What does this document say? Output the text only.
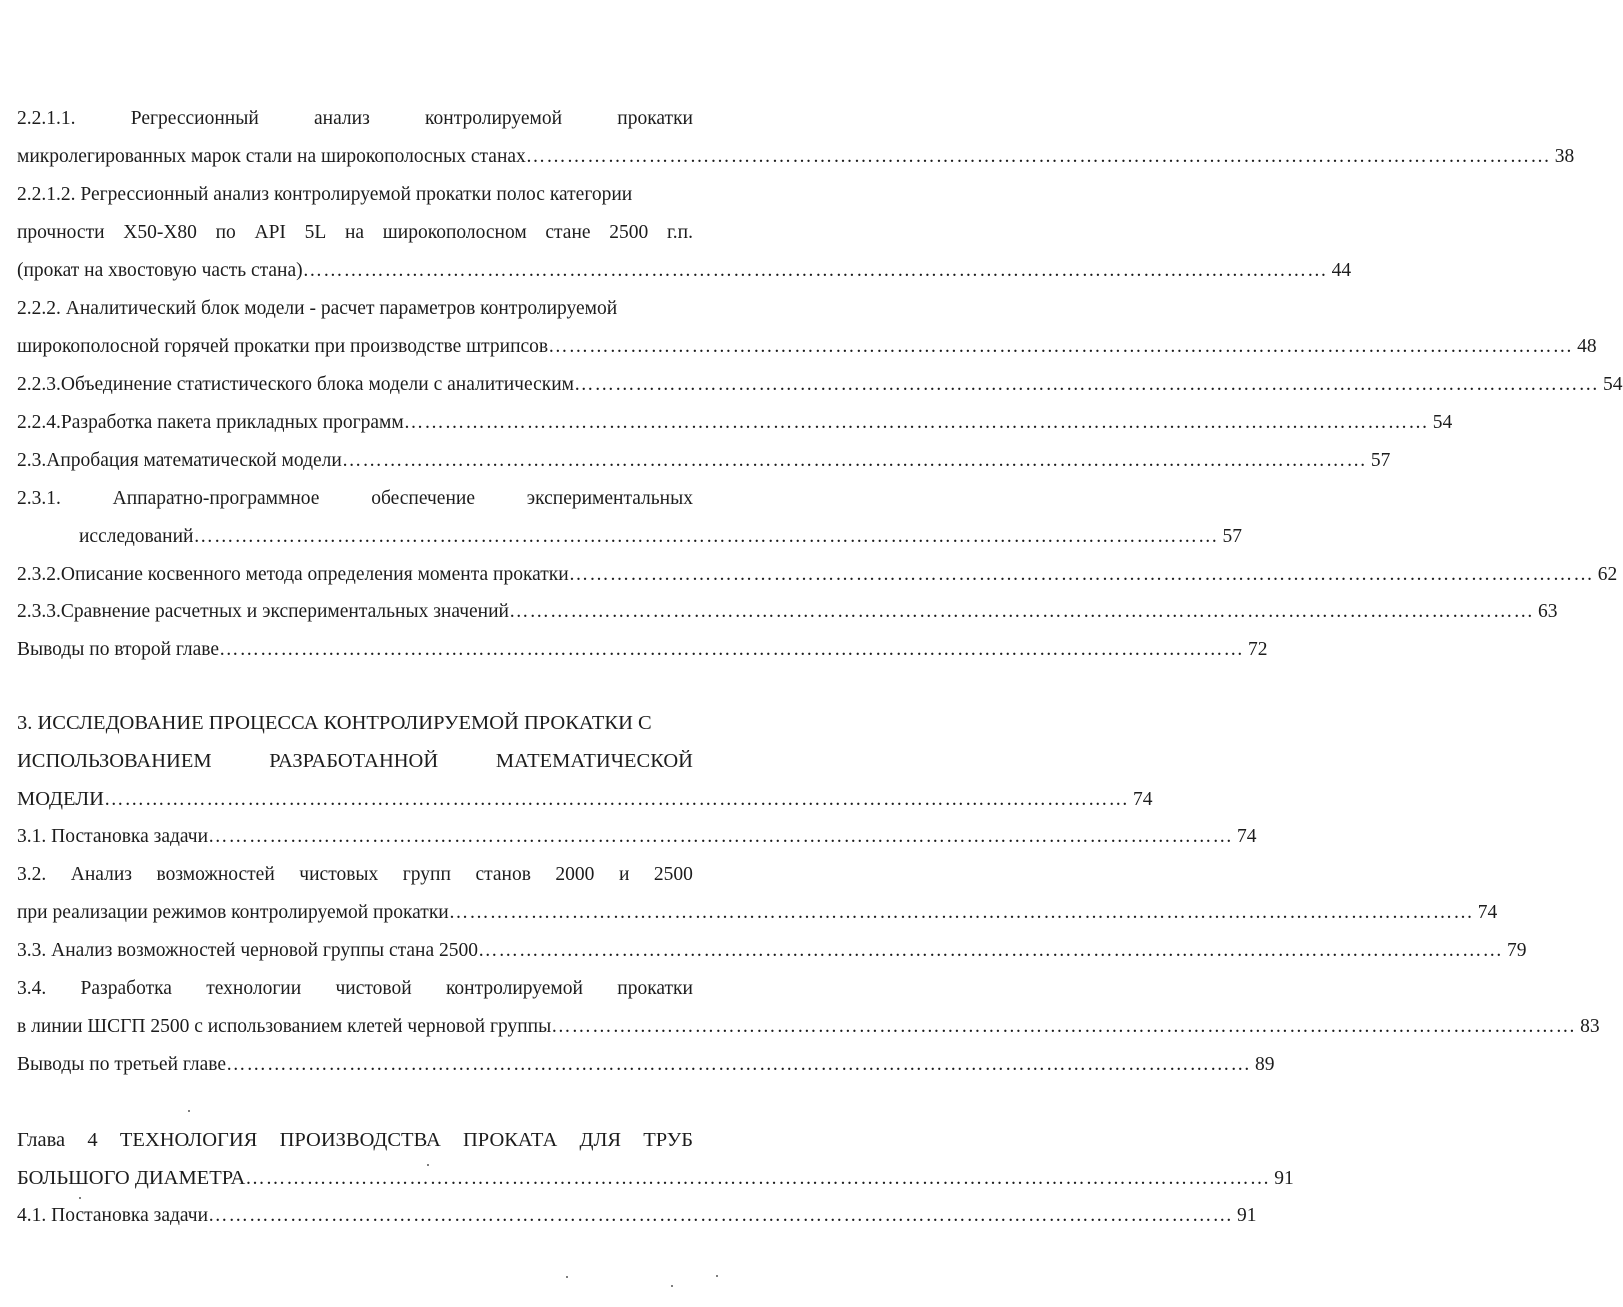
2.2.1.1.	Регрессионный	анализ	контролируемой	прокатки
микролегированных марок стали на широкополосных станах ……………………………………………………………………………………………………………………………………	38
2.2.1.2. Регрессионный анализ контролируемой прокатки полос категории
прочности Х50-Х80 по API 5L на широкополосном стане 2500 г.п.
(прокат на хвостовую часть стана) ……………………………………………………………………………………………………………………………………	44
2.2.2. Аналитический блок модели - расчет параметров контролируемой
широкополосной горячей прокатки при производстве штрипсов ……………………………………………………………………………………………………………………………………	48
2.2.3. Объединение статистического блока модели с аналитическим ……………………………………………………………………………………………………………………………………	54
2.2.4. Разработка пакета прикладных программ ……………………………………………………………………………………………………………………………………	54
2.3. Апробация математической модели ……………………………………………………………………………………………………………………………………	57
2.3.1.	Аппаратно-программное	обеспечение	экспериментальных
исследований ……………………………………………………………………………………………………………………………………	57
2.3.2. Описание косвенного метода определения момента прокатки ……………………………………………………………………………………………………………………………………	62
2.3.3. Сравнение расчетных и экспериментальных значений ……………………………………………………………………………………………………………………………………	63
Выводы по второй главе ……………………………………………………………………………………………………………………………………	72
3. ИССЛЕДОВАНИЕ ПРОЦЕССА КОНТРОЛИРУЕМОЙ ПРОКАТКИ С
ИСПОЛЬЗОВАНИЕМ	РАЗРАБОТАННОЙ	МАТЕМАТИЧЕСКОЙ
МОДЕЛИ ……………………………………………………………………………………………………………………………………	74
3.1. Постановка задачи ……………………………………………………………………………………………………………………………………	74
3.2. Анализ возможностей чистовых групп станов 2000 и 2500
при реализации режимов контролируемой прокатки ……………………………………………………………………………………………………………………………………	74
3.3. Анализ возможностей черновой группы стана 2500 ……………………………………………………………………………………………………………………………………	79
3.4. Разработка технологии чистовой контролируемой прокатки
в линии ШСГП 2500 с использованием клетей черновой группы ……………………………………………………………………………………………………………………………………	83
Выводы по третьей главе ……………………………………………………………………………………………………………………………………	89
Глава 4 ТЕХНОЛОГИЯ ПРОИЗВОДСТВА ПРОКАТА ДЛЯ ТРУБ
БОЛЬШОГО ДИАМЕТРА ……………………………………………………………………………………………………………………………………	91
4.1. Постановка задачи ……………………………………………………………………………………………………………………………………	91
